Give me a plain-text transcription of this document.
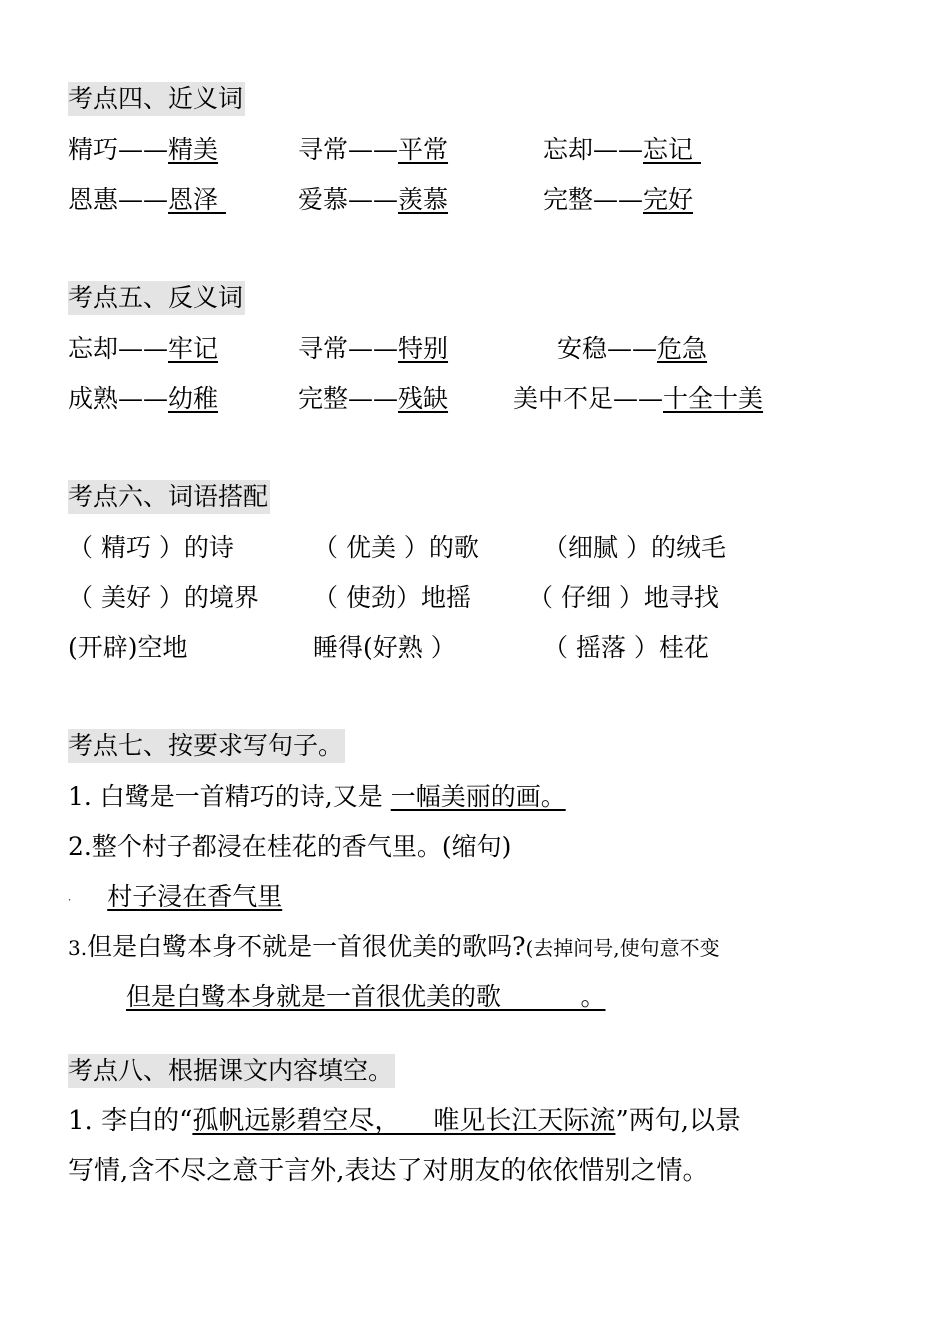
考点四、近义词
精巧——精美	寻常——平常	忘却——忘记
恩惠——恩泽	爱慕——羡慕	完整——完好
考点五、反义词
忘却——牢记	寻常——特别	安稳——危急
成熟——幼稚	完整——残缺	美中不足——十全十美
考点六、词语搭配
（ 精巧 ）的诗	（ 优美 ）的歌	（细腻 ）的绒毛
（ 美好 ）的境界 （ 使劲）地摇 （ 仔细 ）地寻找
(开辟)空地	睡得(好熟 ）	（ 摇落 ）桂花
考点七、按要求写句子。
1. 白鹭是一首精巧的诗,又是 一幅美丽的画。
2.整个村子都浸在桂花的香气里。(缩句)
. 村子浸在香气里
3.但是白鹭本身不就是一首很优美的歌吗?(去掉问号,使句意不变
但是白鹭本身就是一首很优美的歌          。
考点八、根据课文内容填空。
1. 李白的“孤帆远影碧空尽，    唯见长江天际流”两句,以景
写情,含不尽之意于言外,表达了对朋友的依依惜别之情。
